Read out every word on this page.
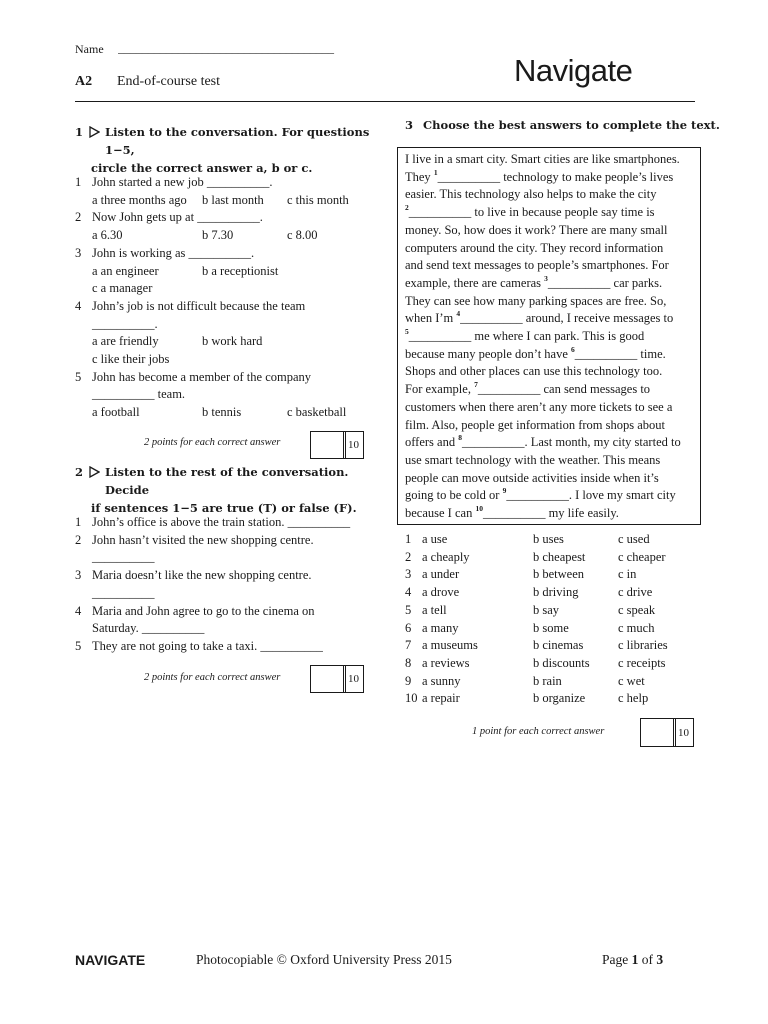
Name ____________________________________
A2 End-of-course test	Navigate
1 Listen to the conversation. For questions 1−5,
circle the correct answer a, b or c.
1 John started a new job __________.
a three months ago	b last month	c this month
2 Now John gets up at __________.
a 6.30	b 7.30	c 8.00
3 John is working as __________.
a an engineer	b a receptionist
c a manager
4 John’s job is not difficult because the team
__________.
a are friendly	b work hard
c like their jobs
5 John has become a member of the company
__________ team.
a football	b tennis	c basketball
2 points for each correct answer	10
2 Listen to the rest of the conversation. Decide
if sentences 1−5 are true (T) or false (F).
1 John’s office is above the train station. __________
2 John hasn’t visited the new shopping centre.
__________
3 Maria doesn’t like the new shopping centre.
__________
4 Maria and John agree to go to the cinema on
Saturday. __________
5 They are not going to take a taxi. __________
2 points for each correct answer	10
3 Choose the best answers to complete the text.

I live in a smart city. Smart cities are like smartphones.

They $^1$__________ technology to make people’s lives

easier. This technology also helps to make the city

$^2$__________ to live in because people say time is

money. So, how does it work? There are many small

computers around the city. They record information

and send text messages to people’s smartphones. For

example, there are cameras $^3$__________ car parks.

They can see how many parking spaces are free. So,

when I’m $^4$__________ around, I receive messages to

$^5$__________ me where I can park. This is good

because many people don’t have $^6$__________ time.

Shops and other places can use this technology too.

For example, $^7$__________ can send messages to

customers when there aren’t any more tickets to see a

film. Also, people get information from shops about

offers and $^8$__________. Last month, my city started to

use smart technology with the weather. This means

people can move outside activities inside when it’s

going to be cold or $^9$__________. I love my smart city

because I can $^{10}$__________ my life easily.

1 a use	b uses	c used
2 a cheaply	b cheapest	c cheaper
3 a under	b between	c in
4 a drove	b driving	c drive
5 a tell	b say	c speak
6 a many	b some	c much
7 a museums	b cinemas	c libraries
8 a reviews	b discounts	c receipts
9 a sunny	b rain	c wet
10 a repair	b organize	c help
1 point for each correct answer	10
NAVIGATE	Photocopiable © Oxford University Press 2015	Page 1 of 3
